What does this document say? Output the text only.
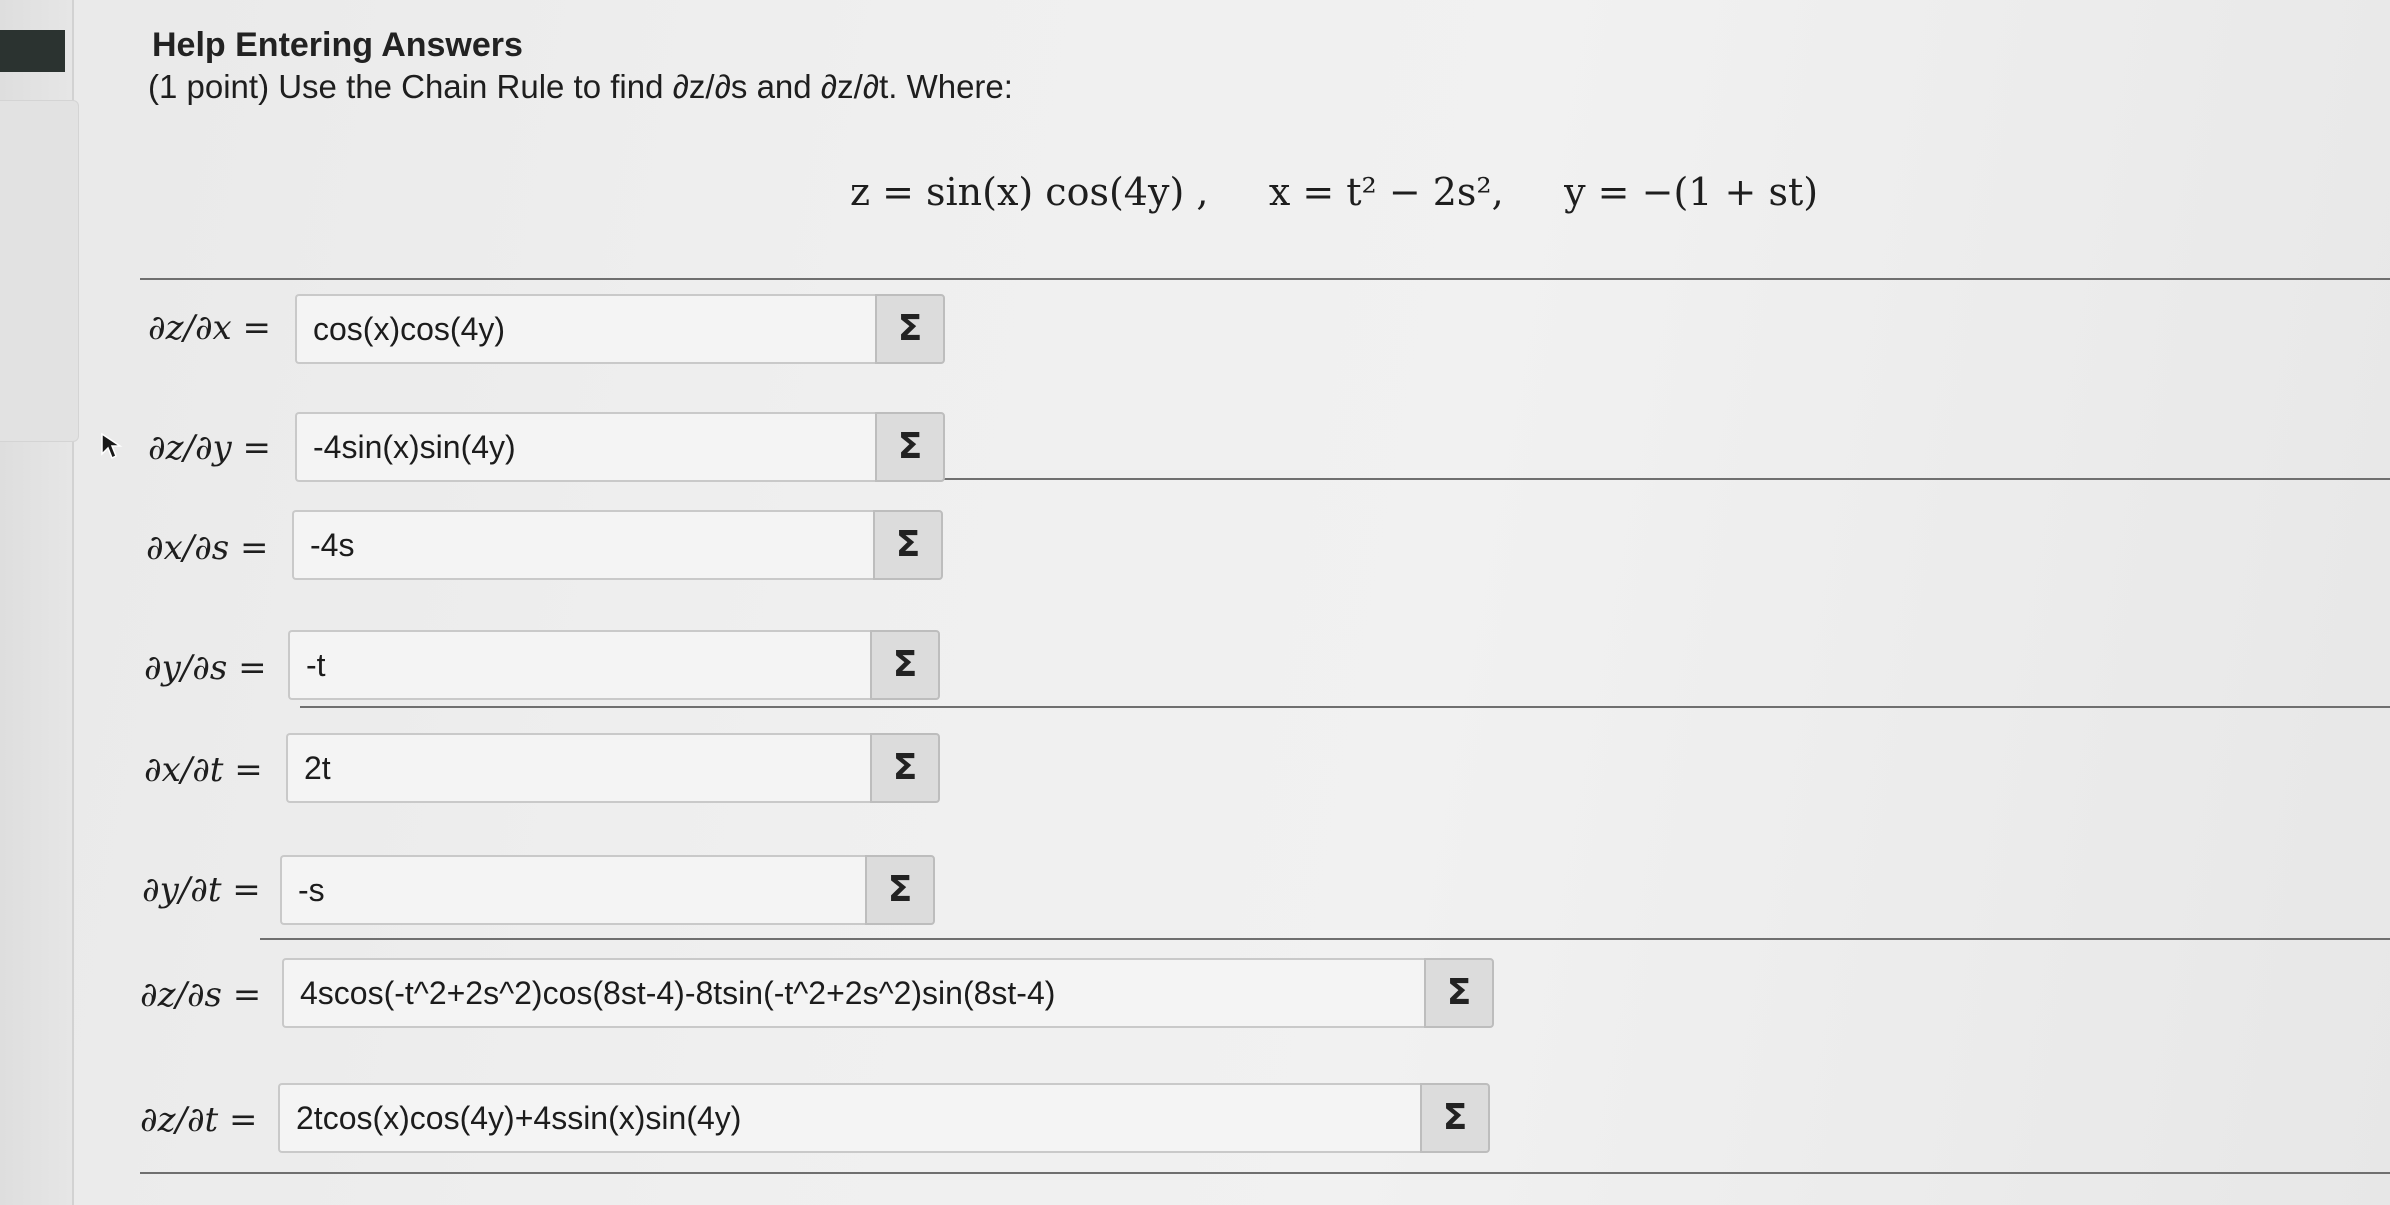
Help Entering Answers
(1 point) Use the Chain Rule to find ∂z/∂s and ∂z/∂t. Where:
z = sin(x) cos(4y) ,     x = t² − 2s²,     y = −(1 + st)
∂z/∂x =	cos(x)cos(4y)	Σ
∂z/∂y =	-4sin(x)sin(4y)	Σ
∂x/∂s =	-4s	Σ
∂y/∂s =	-t	Σ
∂x/∂t =	2t	Σ
∂y/∂t =	-s	Σ
∂z/∂s =	4scos(-t^2+2s^2)cos(8st-4)-8tsin(-t^2+2s^2)sin(8st-4)	Σ
∂z/∂t =	2tcos(x)cos(4y)+4ssin(x)sin(4y)	Σ
